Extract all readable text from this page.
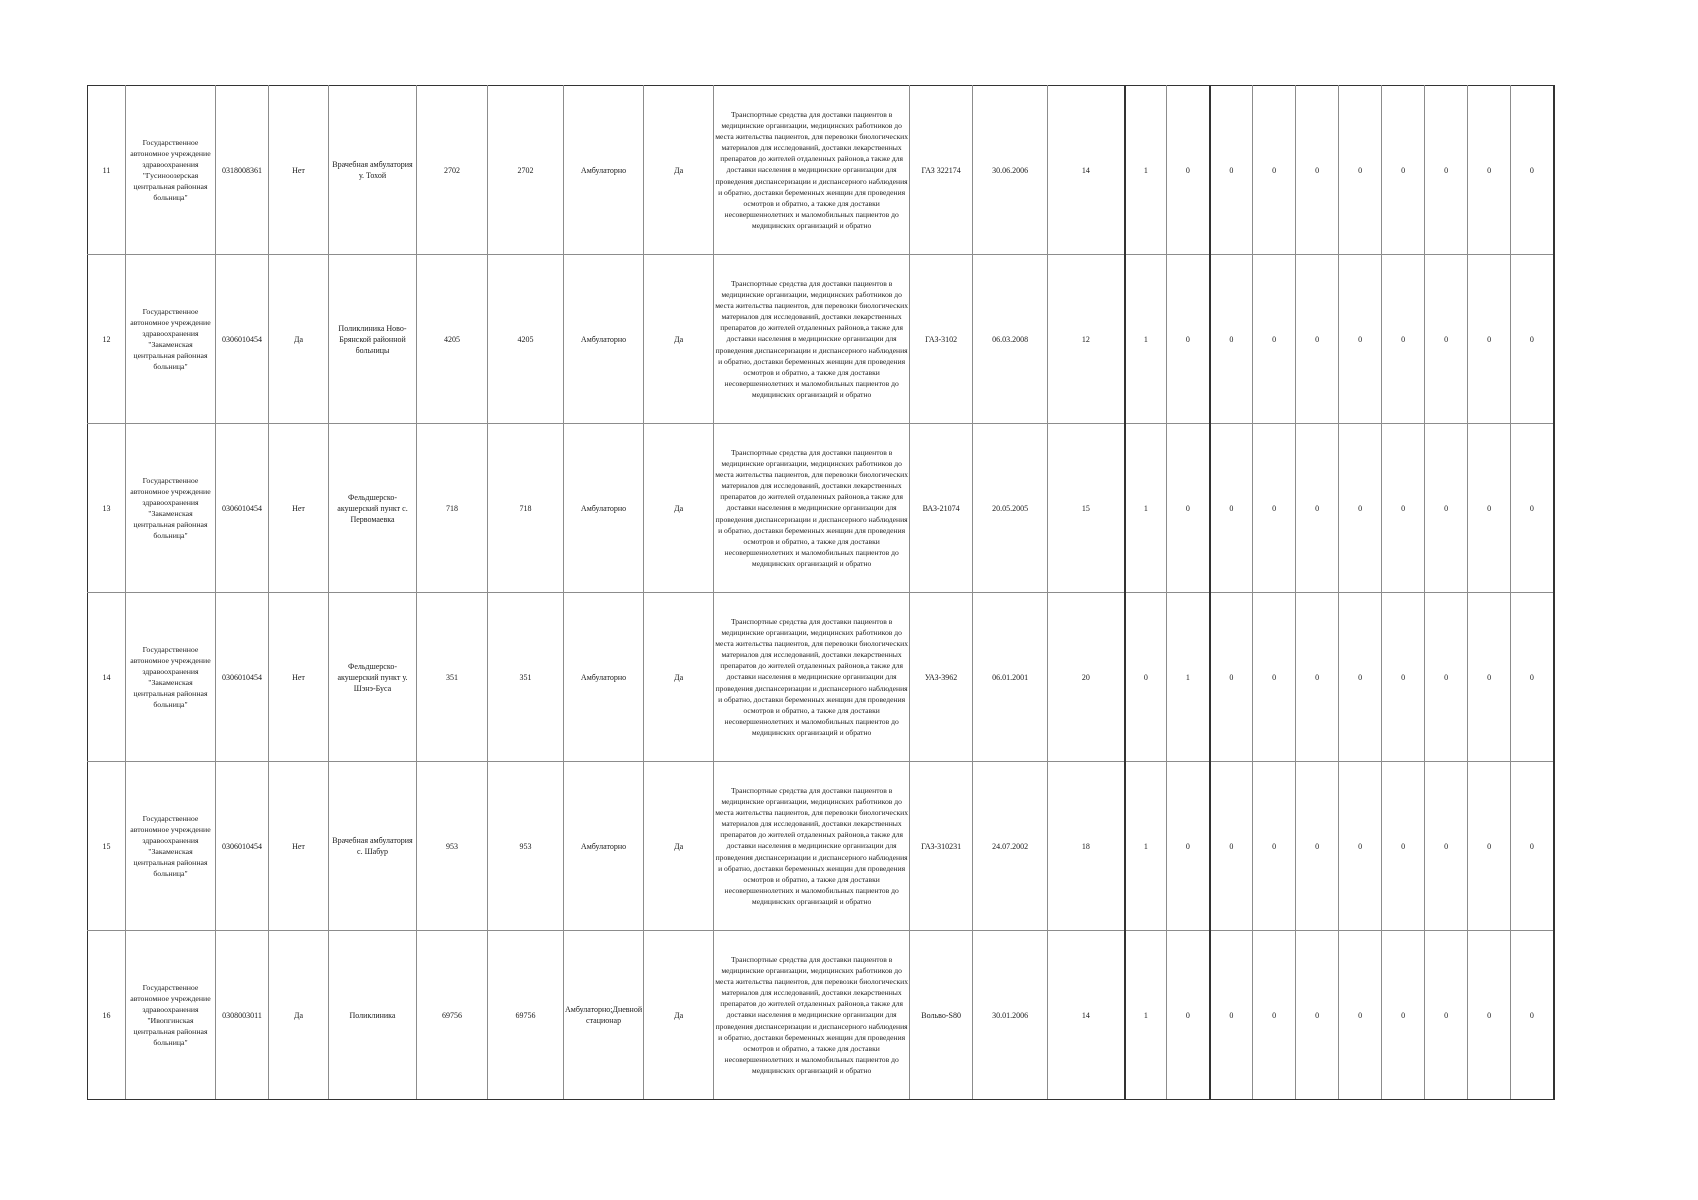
11	Государственное автономное учреждение здравоохранения "Гусиноозерская центральная районная больница"	0318008361	Нет	Врачебная амбулатория у. Тохой	2702	2702	Амбулаторно	Да	Транспортные средства для доставки пациентов в медицинские организации, медицинских работников до места жительства пациентов, для перевозки биологических материалов для исследований, доставки лекарственных препаратов до жителей отдаленных районов,а также для доставки населения в медицинские организации для проведения диспансеризации и диспансерного наблюдения и обратно, доставки беременных женщин для проведения осмотров и обратно, а также для доставки несовершеннолетних и маломобильных пациентов до медицинских организаций и обратно	ГАЗ 322174	30.06.2006	14	1	0	0	0	0	0	0	0	0	0
12	Государственное автономное учреждение здравоохранения "Закаменская центральная районная больница"	0306010454	Да	Поликлиника Ново-Брянской районной больницы	4205	4205	Амбулаторно	Да	Транспортные средства для доставки пациентов в медицинские организации, медицинских работников до места жительства пациентов, для перевозки биологических материалов для исследований, доставки лекарственных препаратов до жителей отдаленных районов,а также для доставки населения в медицинские организации для проведения диспансеризации и диспансерного наблюдения и обратно, доставки беременных женщин для проведения осмотров и обратно, а также для доставки несовершеннолетних и маломобильных пациентов до медицинских организаций и обратно	ГАЗ-3102	06.03.2008	12	1	0	0	0	0	0	0	0	0	0
13	Государственное автономное учреждение здравоохранения "Закаменская центральная районная больница"	0306010454	Нет	Фельдшерско-акушерский пункт с. Первомаевка	718	718	Амбулаторно	Да	Транспортные средства для доставки пациентов в медицинские организации, медицинских работников до места жительства пациентов, для перевозки биологических материалов для исследований, доставки лекарственных препаратов до жителей отдаленных районов,а также для доставки населения в медицинские организации для проведения диспансеризации и диспансерного наблюдения и обратно, доставки беременных женщин для проведения осмотров и обратно, а также для доставки несовершеннолетних и маломобильных пациентов до медицинских организаций и обратно	ВАЗ-21074	20.05.2005	15	1	0	0	0	0	0	0	0	0	0
14	Государственное автономное учреждение здравоохранения "Закаменская центральная районная больница"	0306010454	Нет	Фельдшерско-акушерский пункт у. Шэнэ-Буса	351	351	Амбулаторно	Да	Транспортные средства для доставки пациентов в медицинские организации, медицинских работников до места жительства пациентов, для перевозки биологических материалов для исследований, доставки лекарственных препаратов до жителей отдаленных районов,а также для доставки населения в медицинские организации для проведения диспансеризации и диспансерного наблюдения и обратно, доставки беременных женщин для проведения осмотров и обратно, а также для доставки несовершеннолетних и маломобильных пациентов до медицинских организаций и обратно	УАЗ-3962	06.01.2001	20	0	1	0	0	0	0	0	0	0	0
15	Государственное автономное учреждение здравоохранения "Закаменская центральная районная больница"	0306010454	Нет	Врачебная амбулатория с. Шабур	953	953	Амбулаторно	Да	Транспортные средства для доставки пациентов в медицинские организации, медицинских работников до места жительства пациентов, для перевозки биологических материалов для исследований, доставки лекарственных препаратов до жителей отдаленных районов,а также для доставки населения в медицинские организации для проведения диспансеризации и диспансерного наблюдения и обратно, доставки беременных женщин для проведения осмотров и обратно, а также для доставки несовершеннолетних и маломобильных пациентов до медицинских организаций и обратно	ГАЗ-310231	24.07.2002	18	1	0	0	0	0	0	0	0	0	0
16	Государственное автономное учреждение здравоохранения "Ивопгинская центральная районная больница"	0308003011	Да	Поликлиника	69756	69756	Амбулаторно;Дневной стационар	Да	Транспортные средства для доставки пациентов в медицинские организации, медицинских работников до места жительства пациентов, для перевозки биологических материалов для исследований, доставки лекарственных препаратов до жителей отдаленных районов,а также для доставки населения в медицинские организации для проведения диспансеризации и диспансерного наблюдения и обратно, доставки беременных женщин для проведения осмотров и обратно, а также для доставки несовершеннолетних и маломобильных пациентов до медицинских организаций и обратно	Вольво-S80	30.01.2006	14	1	0	0	0	0	0	0	0	0	0
